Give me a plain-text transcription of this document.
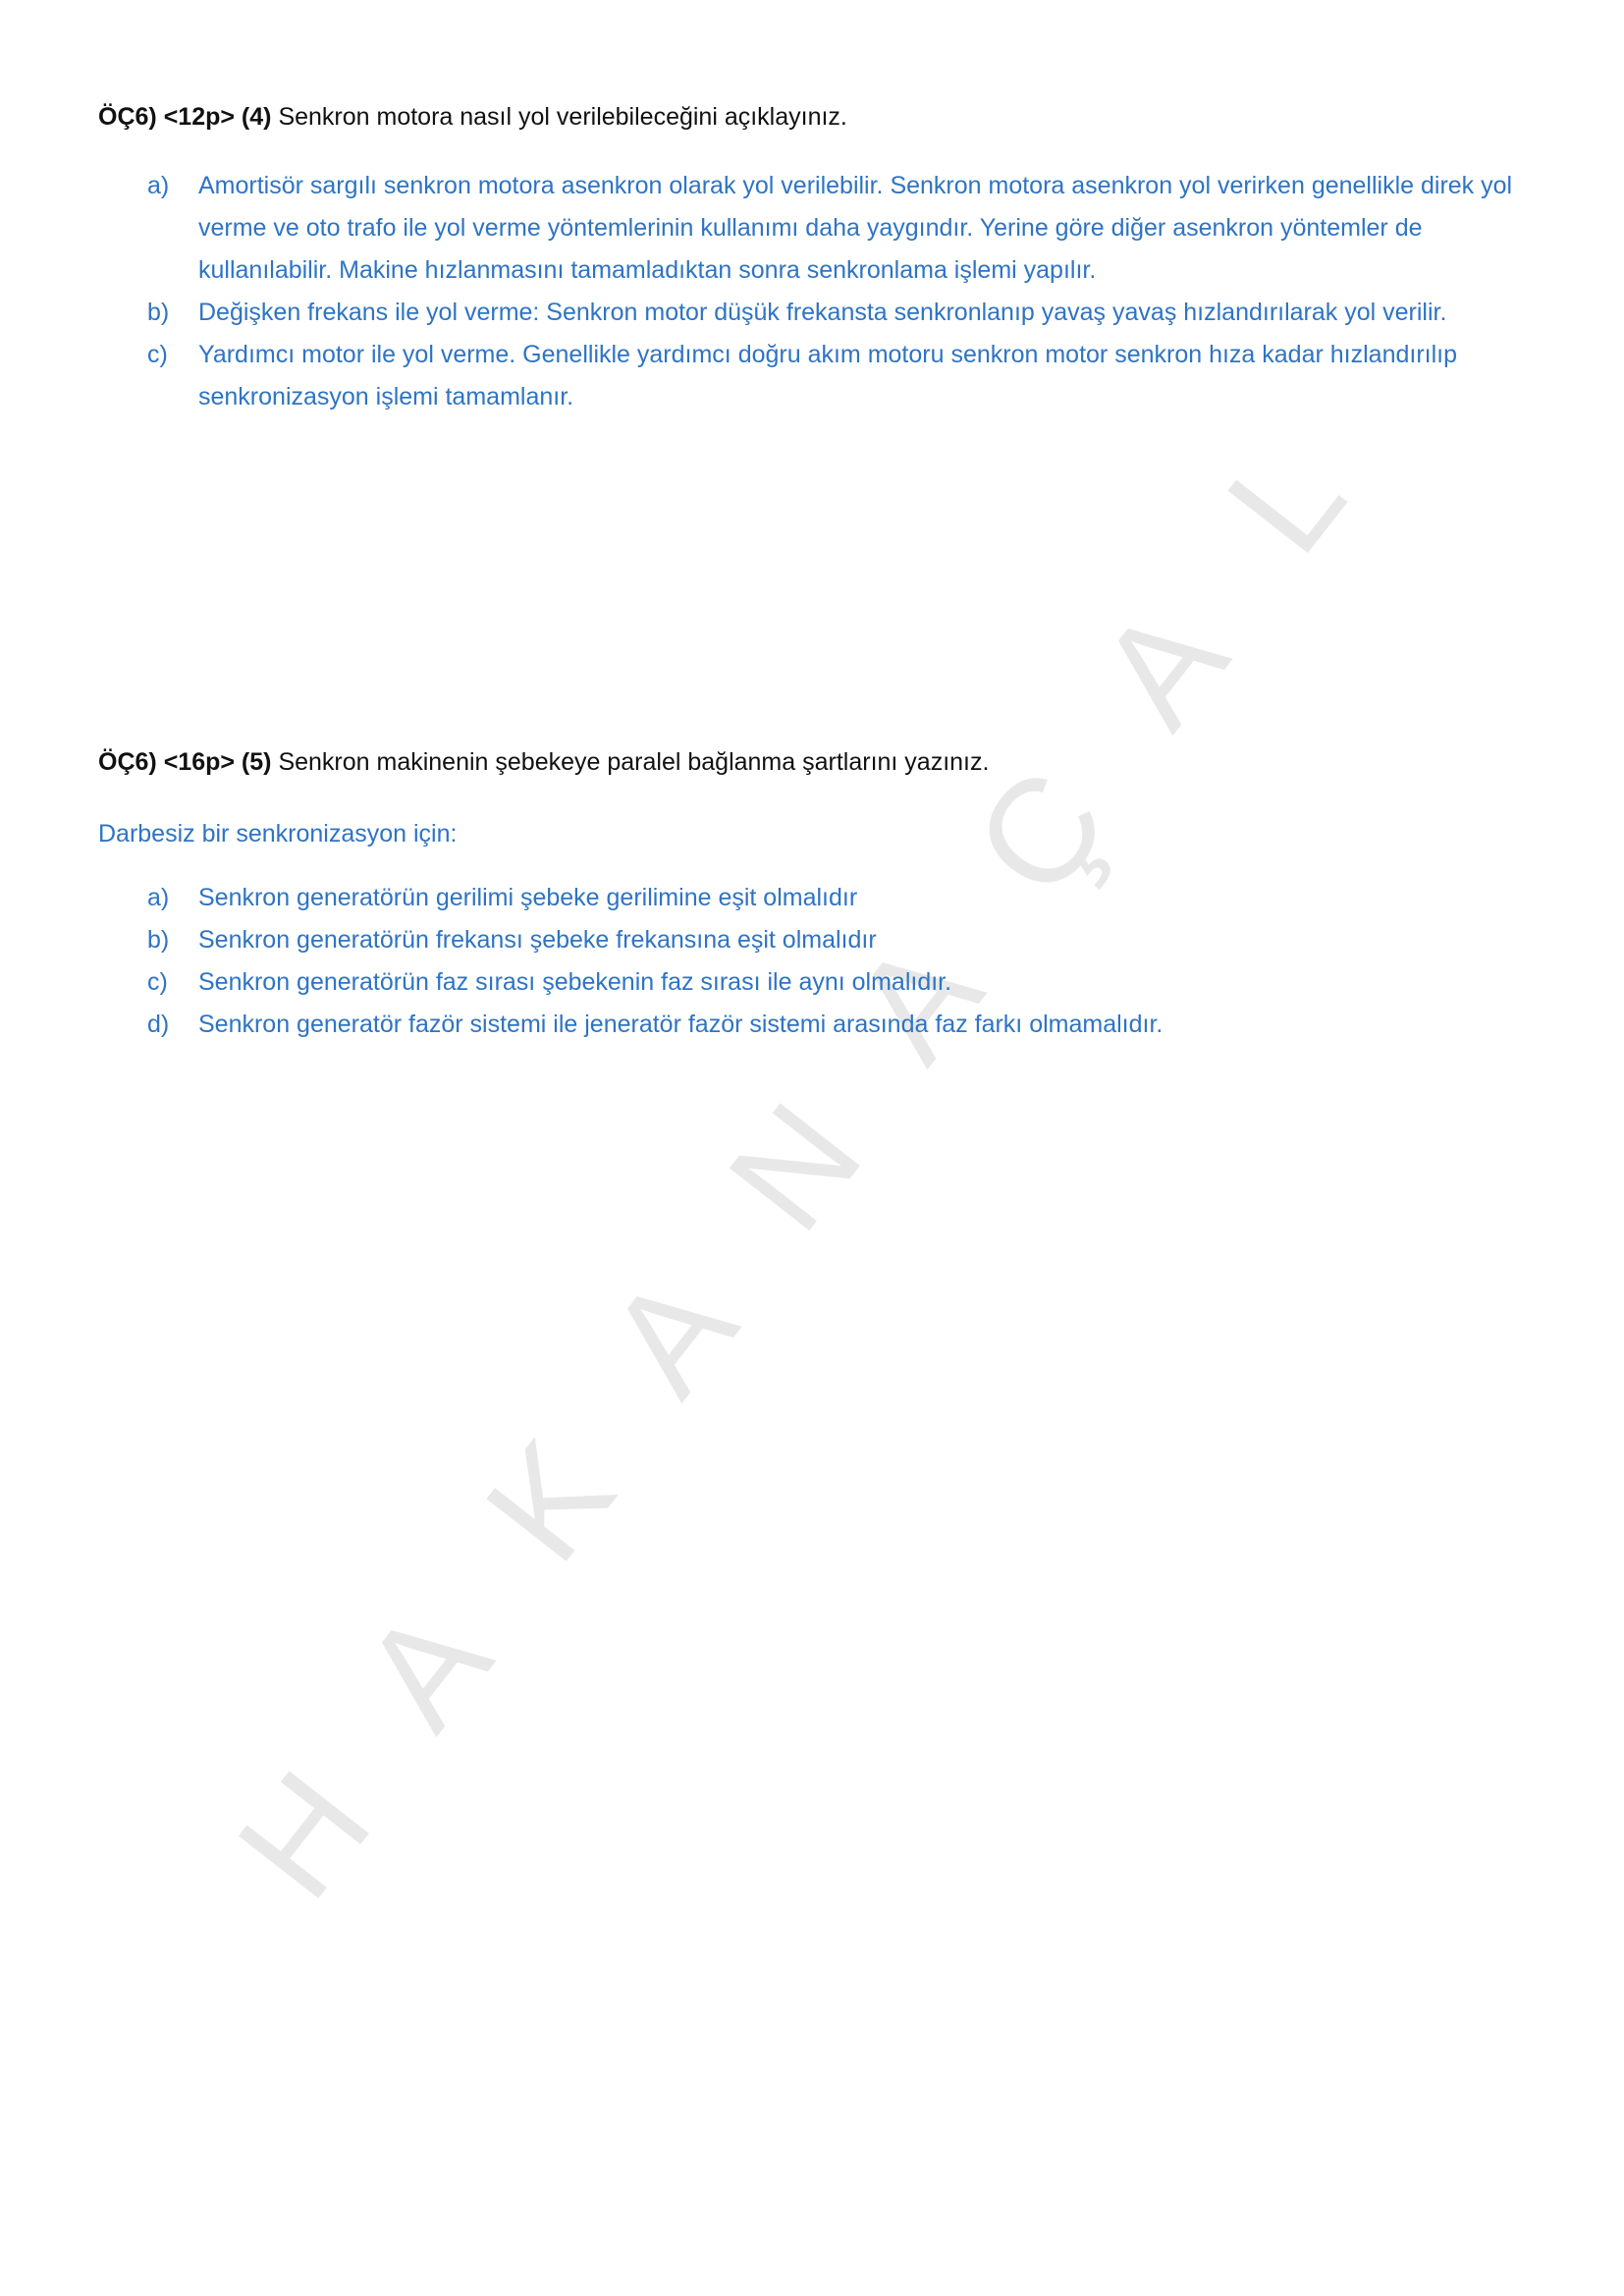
H
A
K
A
N
A
Ç
A
L
ÖÇ6) <12p> (4) Senkron motora nasıl yol verilebileceğini açıklayınız.
a) Amortisör sargılı senkron motora asenkron olarak yol verilebilir. Senkron motora asenkron yol verirken genellikle direk yol verme ve oto trafo ile yol verme yöntemlerinin kullanımı daha yaygındır. Yerine göre diğer asenkron yöntemler de kullanılabilir. Makine hızlanmasını tamamladıktan sonra senkronlama işlemi yapılır.
b) Değişken frekans ile yol verme: Senkron motor düşük frekansta senkronlanıp yavaş yavaş hızlandırılarak yol verilir.
c) Yardımcı motor ile yol verme. Genellikle yardımcı doğru akım motoru senkron motor senkron hıza kadar hızlandırılıp senkronizasyon işlemi tamamlanır.
ÖÇ6) <16p> (5) Senkron makinenin şebekeye paralel bağlanma şartlarını yazınız.
Darbesiz bir senkronizasyon için:
a) Senkron generatörün gerilimi şebeke gerilimine eşit olmalıdır
b) Senkron generatörün frekansı şebeke frekansına eşit olmalıdır
c) Senkron generatörün faz sırası şebekenin faz sırası ile aynı olmalıdır.
d) Senkron generatör fazör sistemi ile jeneratör fazör sistemi arasında faz farkı olmamalıdır.
